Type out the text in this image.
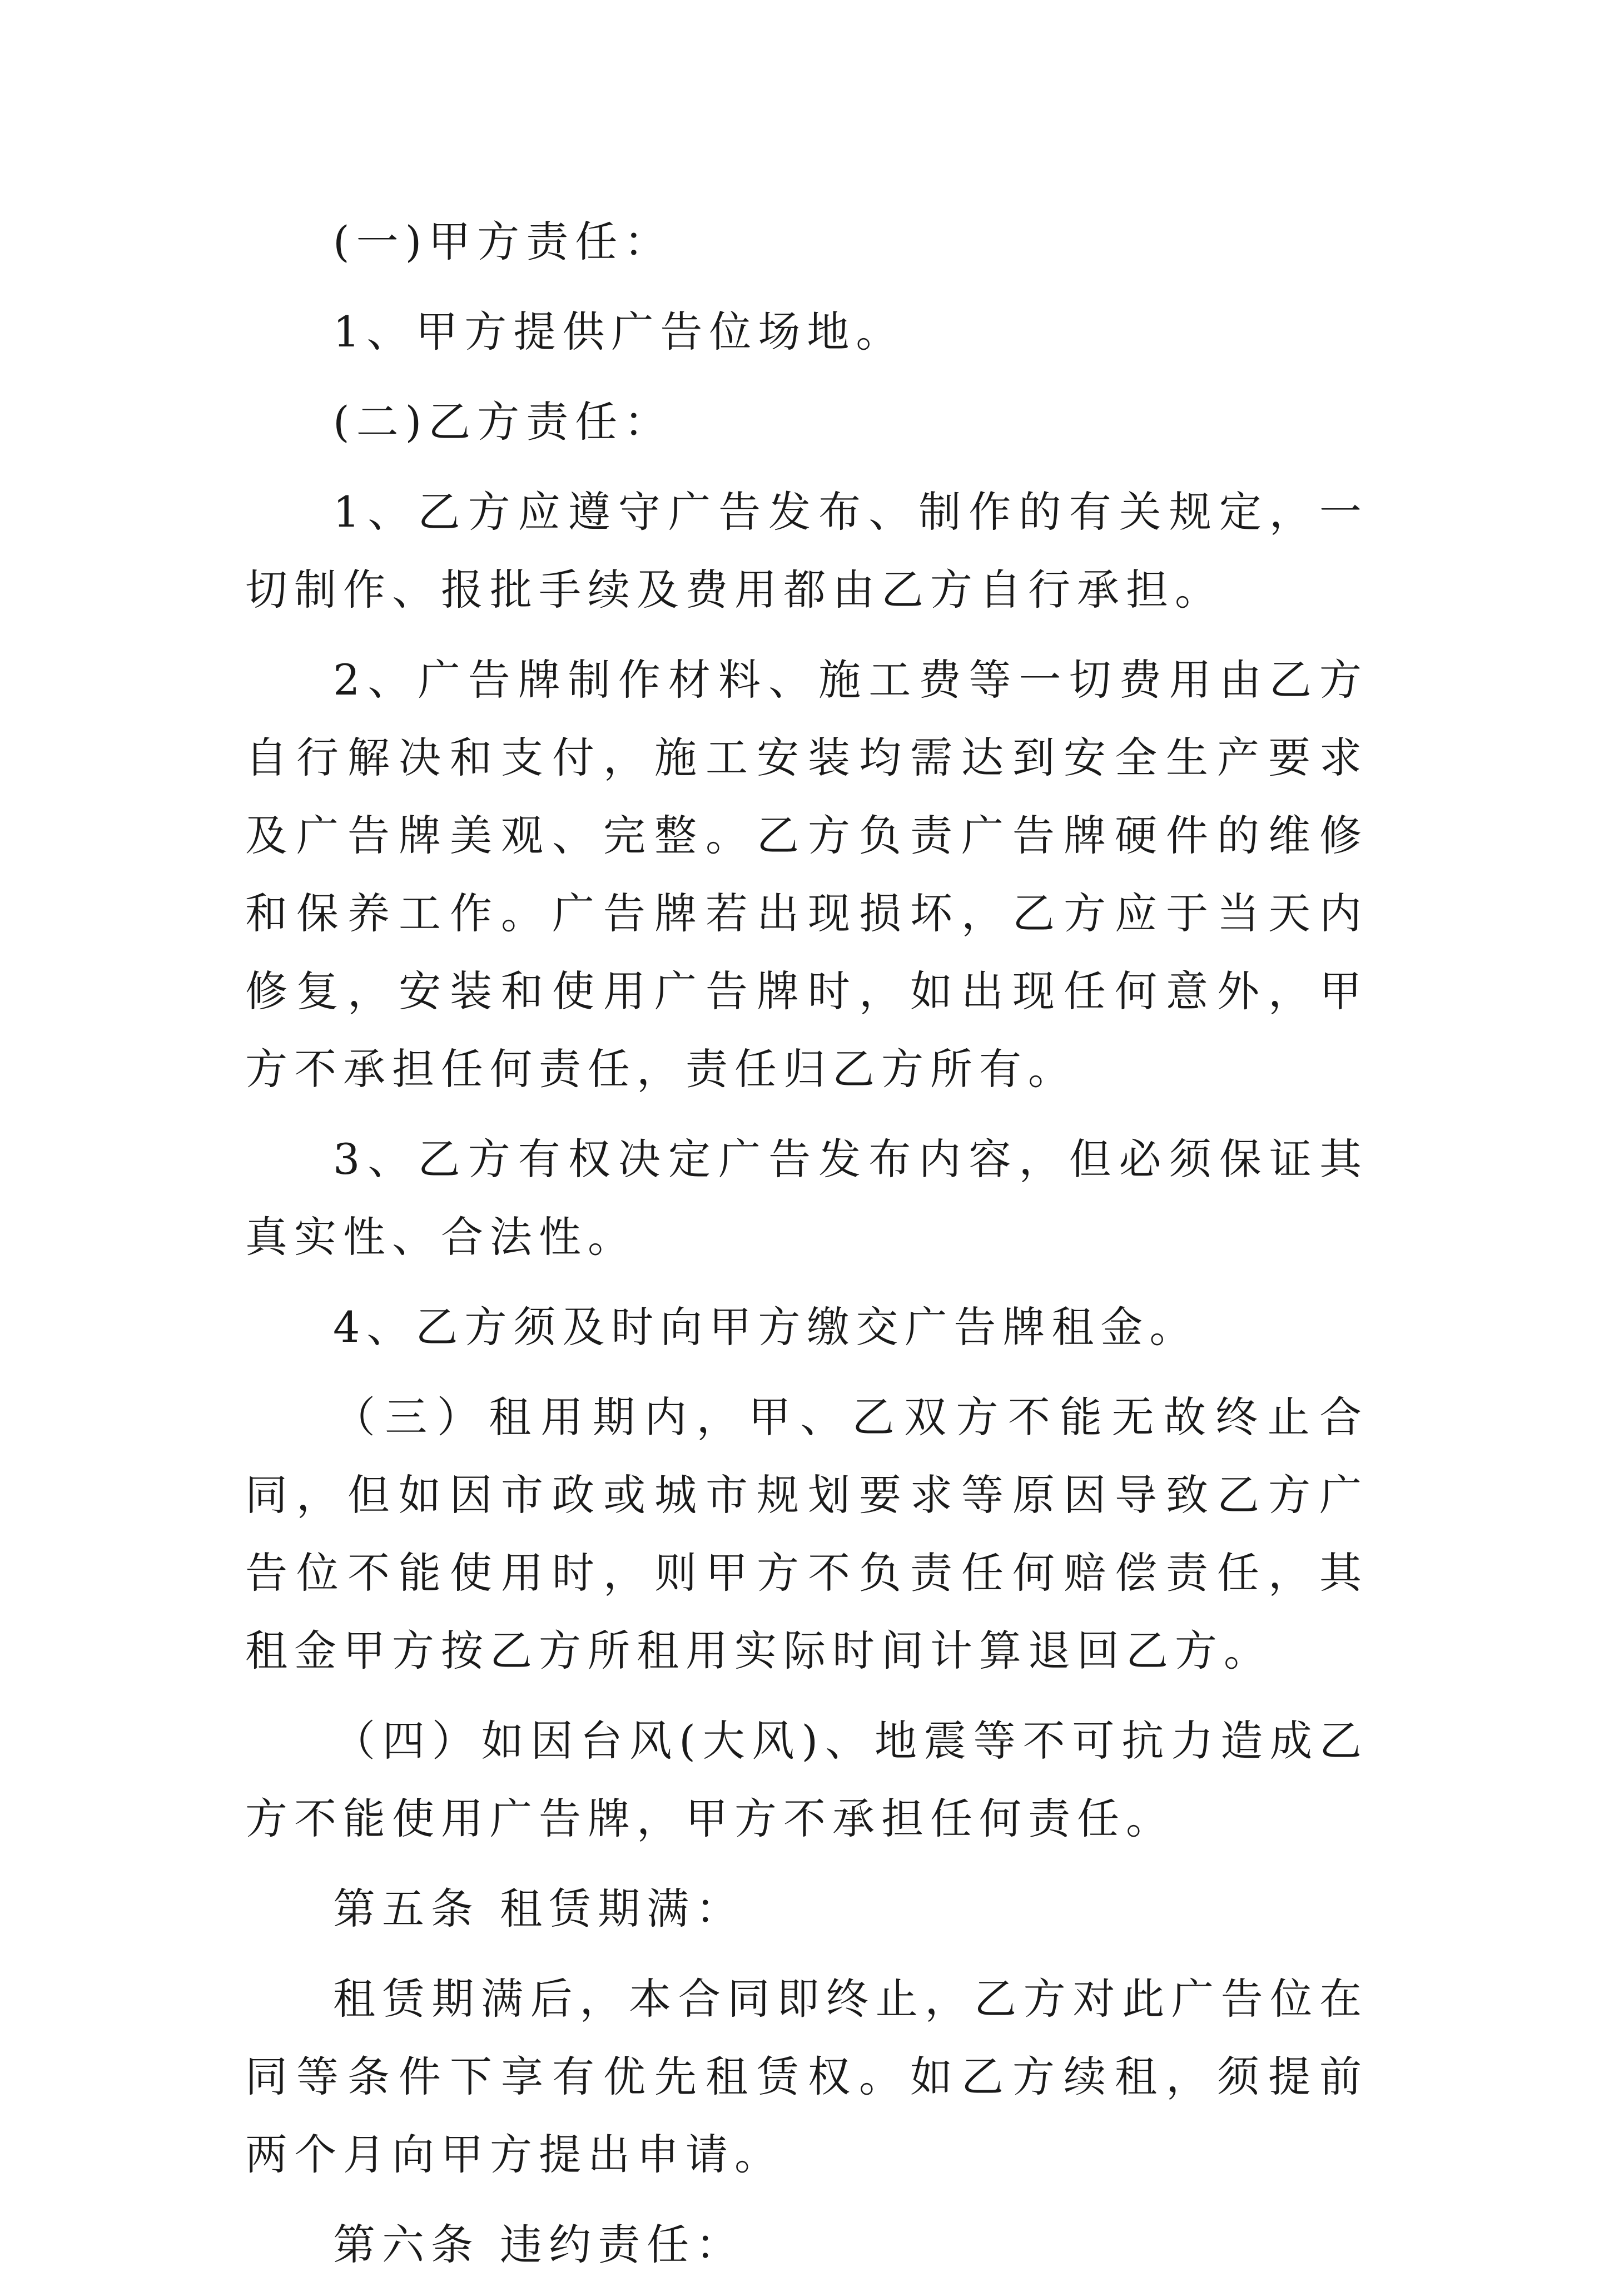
(一)甲方责任：

1、甲方提供广告位场地。

(二)乙方责任：

1、乙方应遵守广告发布、制作的有关规定，一切制作、报批手续及费用都由乙方自行承担。

2、广告牌制作材料、施工费等一切费用由乙方自行解决和支付，施工安装均需达到安全生产要求及广告牌美观、完整。乙方负责广告牌硬件的维修和保养工作。广告牌若出现损坏，乙方应于当天内修复，安装和使用广告牌时，如出现任何意外，甲方不承担任何责任，责任归乙方所有。

3、乙方有权决定广告发布内容，但必须保证其真实性、合法性。

4、乙方须及时向甲方缴交广告牌租金。

（三）租用期内，甲、乙双方不能无故终止合同，但如因市政或城市规划要求等原因导致乙方广告位不能使用时，则甲方不负责任何赔偿责任，其租金甲方按乙方所租用实际时间计算退回乙方。

（四）如因台风(大风)、地震等不可抗力造成乙方不能使用广告牌，甲方不承担任何责任。

第五条 租赁期满：

租赁期满后，本合同即终止，乙方对此广告位在同等条件下享有优先租赁权。如乙方续租，须提前两个月向甲方提出申请。

第六条 违约责任：
